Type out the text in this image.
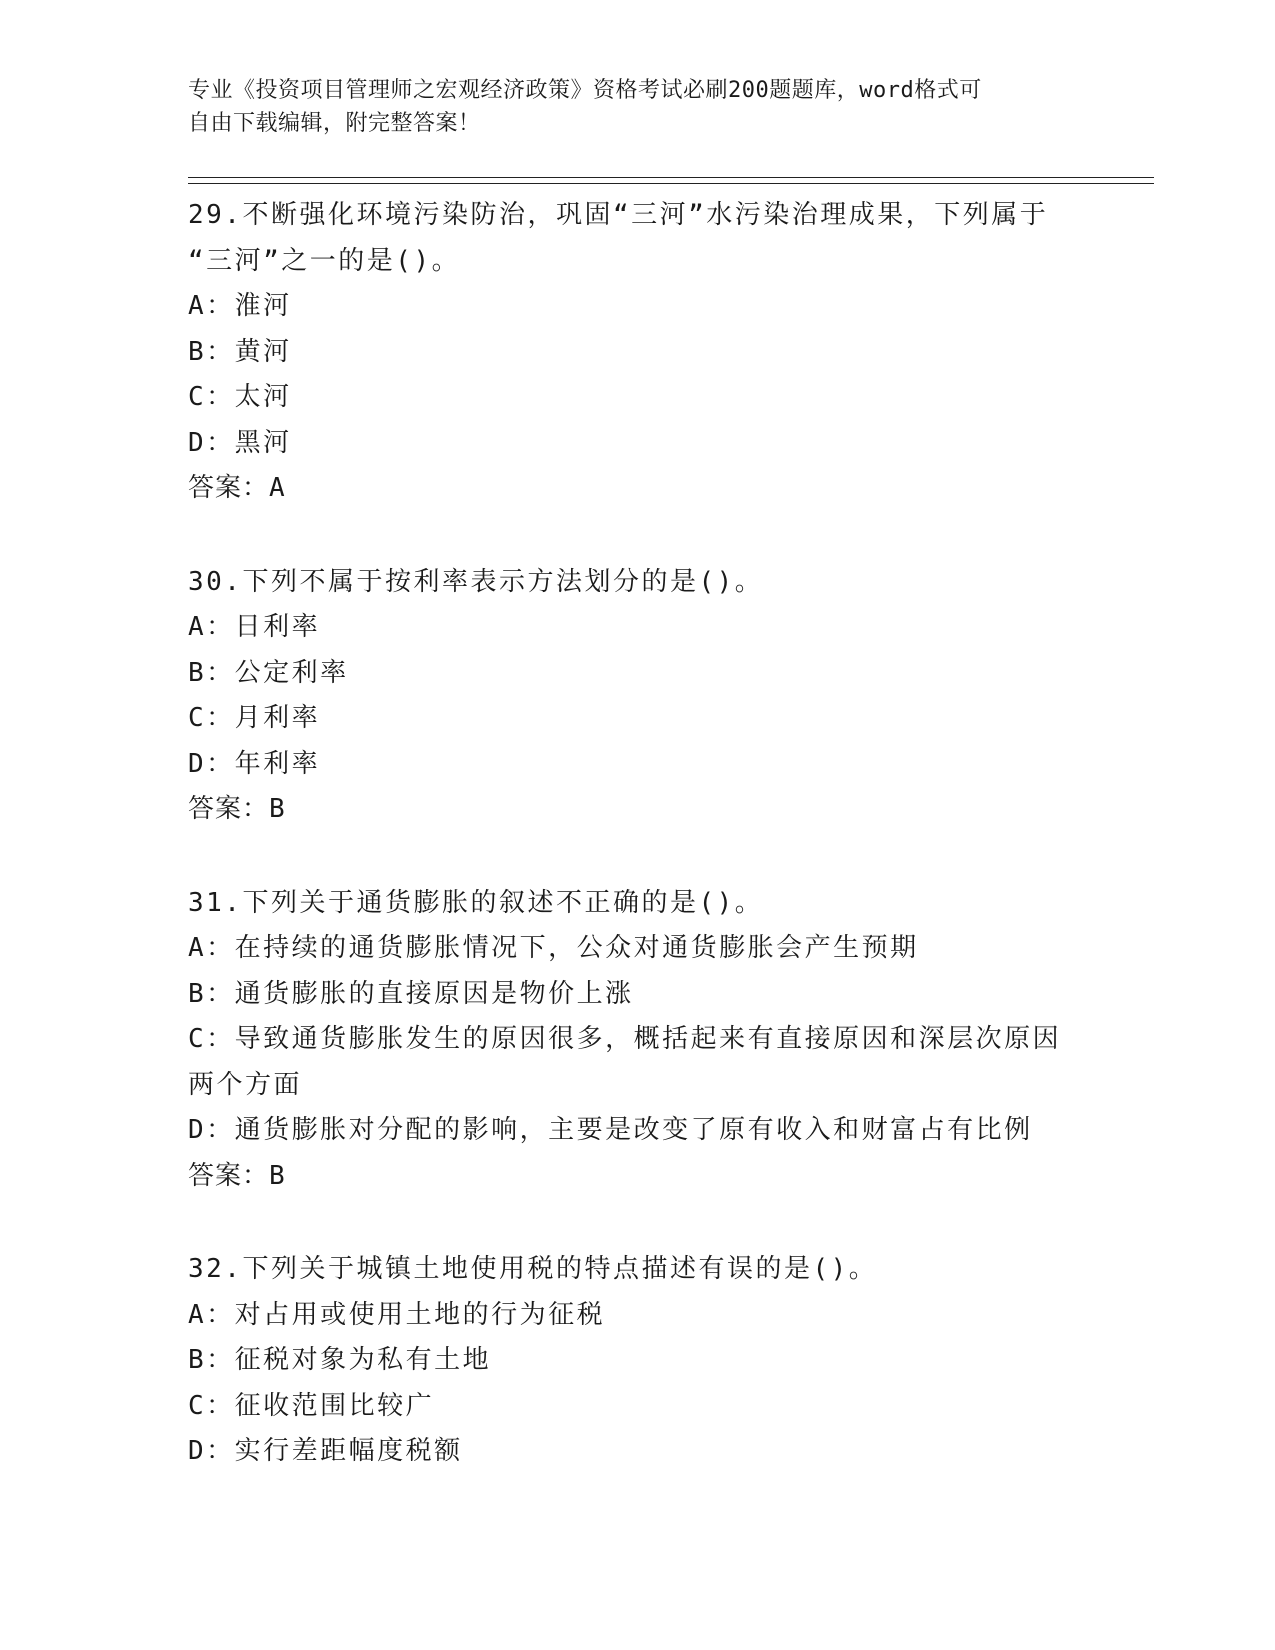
专业《投资项目管理师之宏观经济政策》资格考试必刷200题题库，word格式可
自由下载编辑，附完整答案！
29.不断强化环境污染防治，巩固“三河”水污染治理成果，下列属于
“三河”之一的是()。
A：淮河
B：黄河
C：太河
D：黑河
答案：A
30.下列不属于按利率表示方法划分的是()。
A：日利率
B：公定利率
C：月利率
D：年利率
答案：B
31.下列关于通货膨胀的叙述不正确的是()。
A：在持续的通货膨胀情况下，公众对通货膨胀会产生预期
B：通货膨胀的直接原因是物价上涨
C：导致通货膨胀发生的原因很多，概括起来有直接原因和深层次原因
两个方面
D：通货膨胀对分配的影响，主要是改变了原有收入和财富占有比例
答案：B
32.下列关于城镇土地使用税的特点描述有误的是()。
A：对占用或使用土地的行为征税
B：征税对象为私有土地
C：征收范围比较广
D：实行差距幅度税额
